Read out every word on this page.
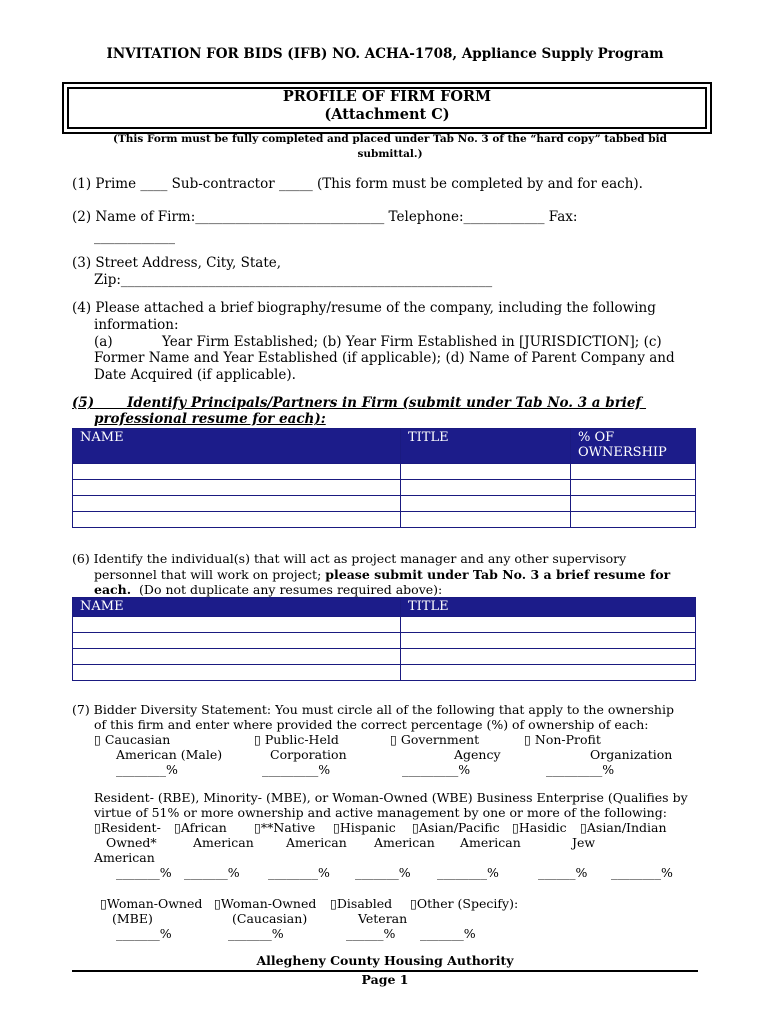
INVITATION FOR BIDS (IFB) NO. ACHA-1708, Appliance Supply Program
PROFILE OF FIRM FORM
(Attachment C)
(This Form must be fully completed and placed under Tab No. 3 of the “hard copy” tabbed bid
submittal.)
(1) Prime ____ Sub-contractor _____ (This form must be completed by and for each).
(2) Name of Firm:____________________________ Telephone:____________ Fax:
____________
(3) Street Address, City, State,
Zip:_______________________________________________________
(4) Please attached a brief biography/resume of the company, including the following
information:
(a)	Year Firm Established; (b) Year Firm Established in [JURISDICTION]; (c)
Former Name and Year Established (if applicable); (d) Name of Parent Company and
Date Acquired (if applicable).
(5)       Identify Principals/Partners in Firm (submit under Tab No. 3 a brief
professional resume for each):
NAME	TITLE	% OF OWNERSHIP

(6) Identify the individual(s) that will act as project manager and any other supervisory
personnel that will work on project; please submit under Tab No. 3 a brief resume for
each.  (Do not duplicate any resumes required above):
NAME	TITLE

(7) Bidder Diversity Statement: You must circle all of the following that apply to the ownership
of this firm and enter where provided the correct percentage (%) of ownership of each:
▯ Caucasian
American (Male)
________%
▯ Public-Held
Corporation
_________%
▯ Government
Agency
_________%
▯ Non-Profit
Organization
_________%
Resident- (RBE), Minority- (MBE), or Woman-Owned (WBE) Business Enterprise (Qualifies by
virtue of 51% or more ownership and active management by one or more of the following:
▯Resident-
Owned*
American
_______%
▯African
American
_______%
▯**Native
American
________%
▯Hispanic
American
_______%
▯Asian/Pacific
American
________%
▯Hasidic
Jew
______%
▯Asian/Indian
________%
▯Woman-Owned
(MBE)
_______%
▯Woman-Owned
(Caucasian)
_______%
▯Disabled
Veteran
______%
▯Other (Specify):
_______%
Allegheny County Housing Authority
Page 1
